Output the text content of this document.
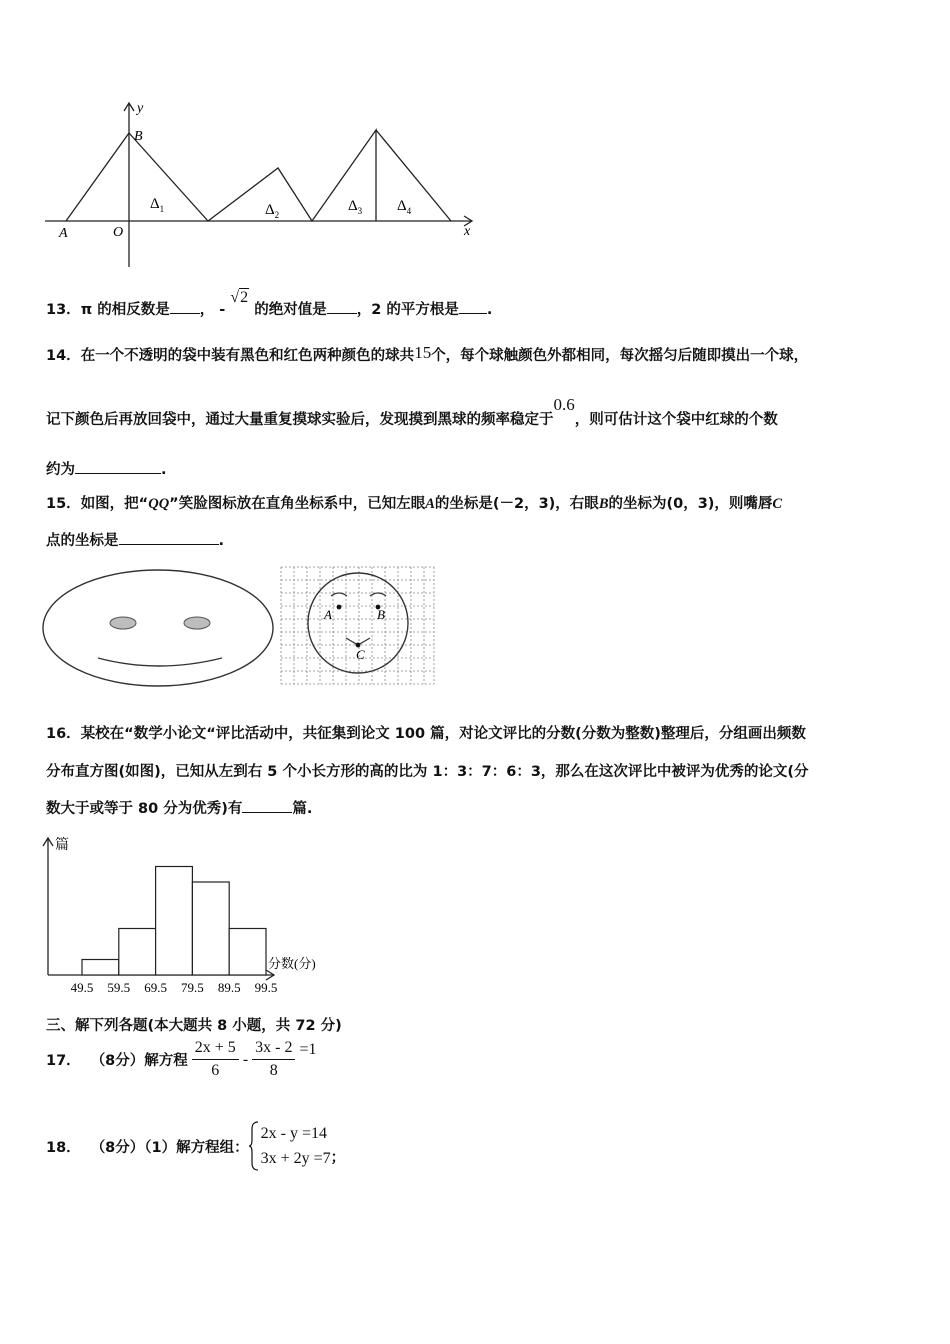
y
x
B
A	O
$\Delta_1$	$\Delta_2$
$\Delta_3$ $\Delta_4$
13．π 的相反数是 ， - √2 的绝对值是 ，2 的平方根是 .
14．在一个不透明的袋中装有黑色和红色两种颜色的球共15个，每个球触颜色外都相同，每次摇匀后随即摸出一个球，
记下颜色后再放回袋中，通过大量重复摸球实验后，发现摸到黑球的频率稳定于0.6，则可估计这个袋中红球的个数
约为	.
15．如图，把“QQ”笑脸图标放在直角坐标系中，已知左眼A的坐标是(－2，3)，右眼B的坐标为(0，3)，则嘴唇C
点的坐标是	.
A	B
C
16．某校在“数学小论文“评比活动中，共征集到论文 100 篇，对论文评比的分数(分数为整数)整理后，分组画出频数
分布直方图(如图)，已知从左到右 5 个小长方形的高的比为 1：3：7：6：3，那么在这次评比中被评为优秀的论文(分
数大于或等于 80 分为优秀)有	篇.
篇
分数(分)
49.5 59.5 69.5 79.5 89.5 99.5
三、解下列各题(本大题共 8 小题，共 72 分)
17． （8分）解方程 $\frac{2x + 5}{6} - \frac{3x - 2}{8} =1$
18． （8分）（1）解方程组：
2x - y =14
3x + 2y =7 ；
